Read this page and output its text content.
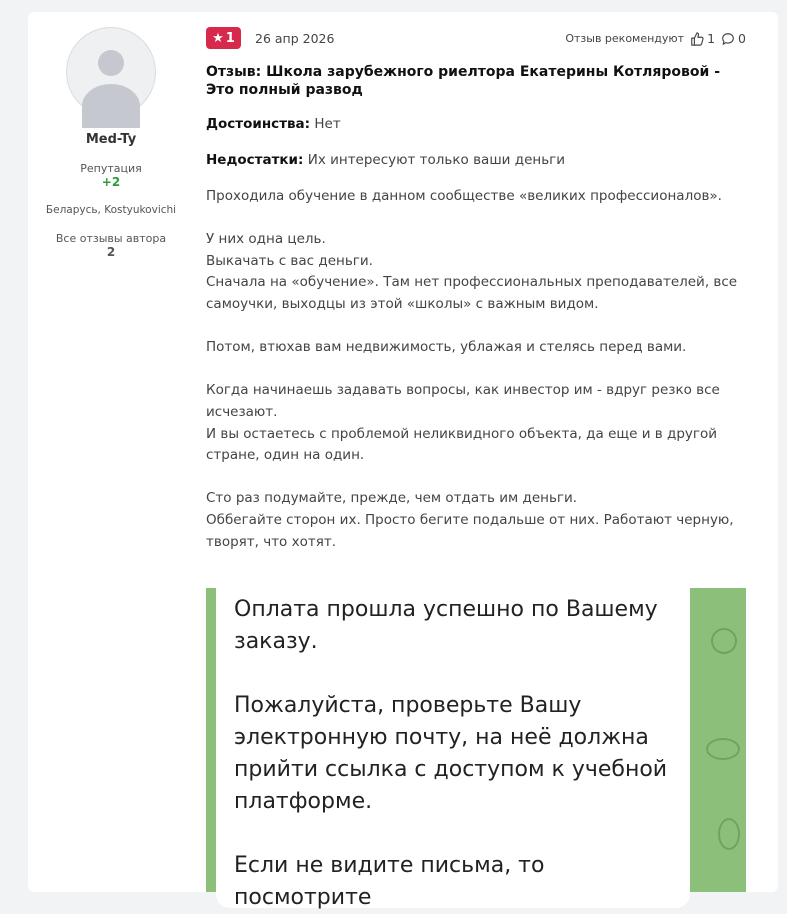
Med-Ty
Репутация
+2
Беларусь, Kostyukovichi
Все отзывы автора
2
★ 1 26 апр 2026	Отзыв рекомендуют 1 0
Отзыв: Школа зарубежного риелтора Екатерины Котляровой - Это полный развод
Достоинства: Нет
Недостатки: Их интересуют только ваши деньги

Проходила обучение в данном сообществе «великих профессионалов».

У них одна цель.

Выкачать с вас деньги.

Сначала на «обучение». Там нет профессиональных преподавателей, все самоучки, выходцы из этой «школы» с важным видом.

Потом, втюхав вам недвижимость, ублажая и стелясь перед вами.

Когда начинаешь задавать вопросы, как инвестор им - вдруг резко все исчезают.

И вы остаетесь с проблемой неликвидного объекта, да еще и в другой стране, один на один.

Сто раз подумайте, прежде, чем отдать им деньги.

Оббегайте сторон их. Просто бегите подальше от них. Работают черную, творят, что хотят.

Оплата прошла успешно по Вашему

заказу.

Пожалуйста, проверьте Вашу

электронную почту, на неё должна

прийти ссылка с доступом к учебной

платформе.

Если не видите письма, то посмотрите
